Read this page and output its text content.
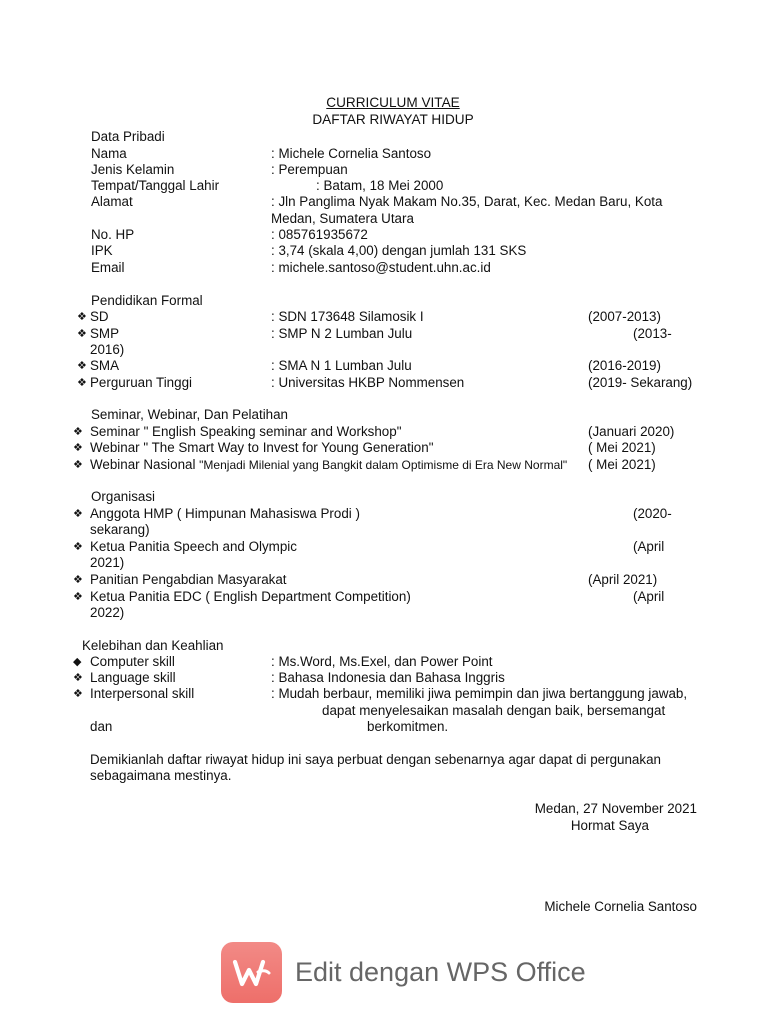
CURRICULUM VITAE
DAFTAR RIWAYAT HIDUP
Data Pribadi
Nama	: Michele Cornelia Santoso
Jenis Kelamin	: Perempuan
Tempat/Tanggal Lahir	: Batam, 18 Mei 2000
Alamat	: Jln Panglima Nyak Makam No.35, Darat, Kec. Medan Baru, Kota
Medan, Sumatera Utara
No. HP	: 085761935672
IPK	: 3,74 (skala 4,00) dengan jumlah 131 SKS
Email	: michele.santoso@student.uhn.ac.id
Pendidikan Formal
❖ SD	: SDN 173648 Silamosik I	(2007-2013)
❖ SMP	: SMP N 2 Lumban Julu	(2013-
2016)
❖ SMA	: SMA N 1 Lumban Julu	(2016-2019)
❖ Perguruan Tinggi	: Universitas HKBP Nommensen	(2019- Sekarang)
Seminar, Webinar, Dan Pelatihan
❖ Seminar " English Speaking seminar and Workshop"	(Januari 2020)
❖ Webinar " The Smart Way to Invest for Young Generation"	( Mei 2021)
❖ Webinar Nasional "Menjadi Milenial yang Bangkit dalam Optimisme di Era New Normal" ( Mei 2021)
Organisasi
❖ Anggota HMP ( Himpunan Mahasiswa Prodi )	(2020-
sekarang)
❖ Ketua Panitia Speech and Olympic	(April
2021)
❖ Panitian Pengabdian Masyarakat	(April 2021)
❖ Ketua Panitia EDC ( English Department Competition)	(April
2022)
Kelebihan dan Keahlian
◆ Computer skill	: Ms.Word, Ms.Exel, dan Power Point
❖ Language skill	: Bahasa Indonesia dan Bahasa Inggris
❖ Interpersonal skill	: Mudah berbaur, memiliki jiwa pemimpin dan jiwa bertanggung jawab,
dapat menyelesaikan masalah dengan baik, bersemangat
dan	berkomitmen.
Demikianlah daftar riwayat hidup ini saya perbuat dengan sebenarnya agar dapat di pergunakan
sebagaimana mestinya.
Medan, 27 November 2021
Hormat Saya
Michele Cornelia Santoso
Edit dengan WPS Office
